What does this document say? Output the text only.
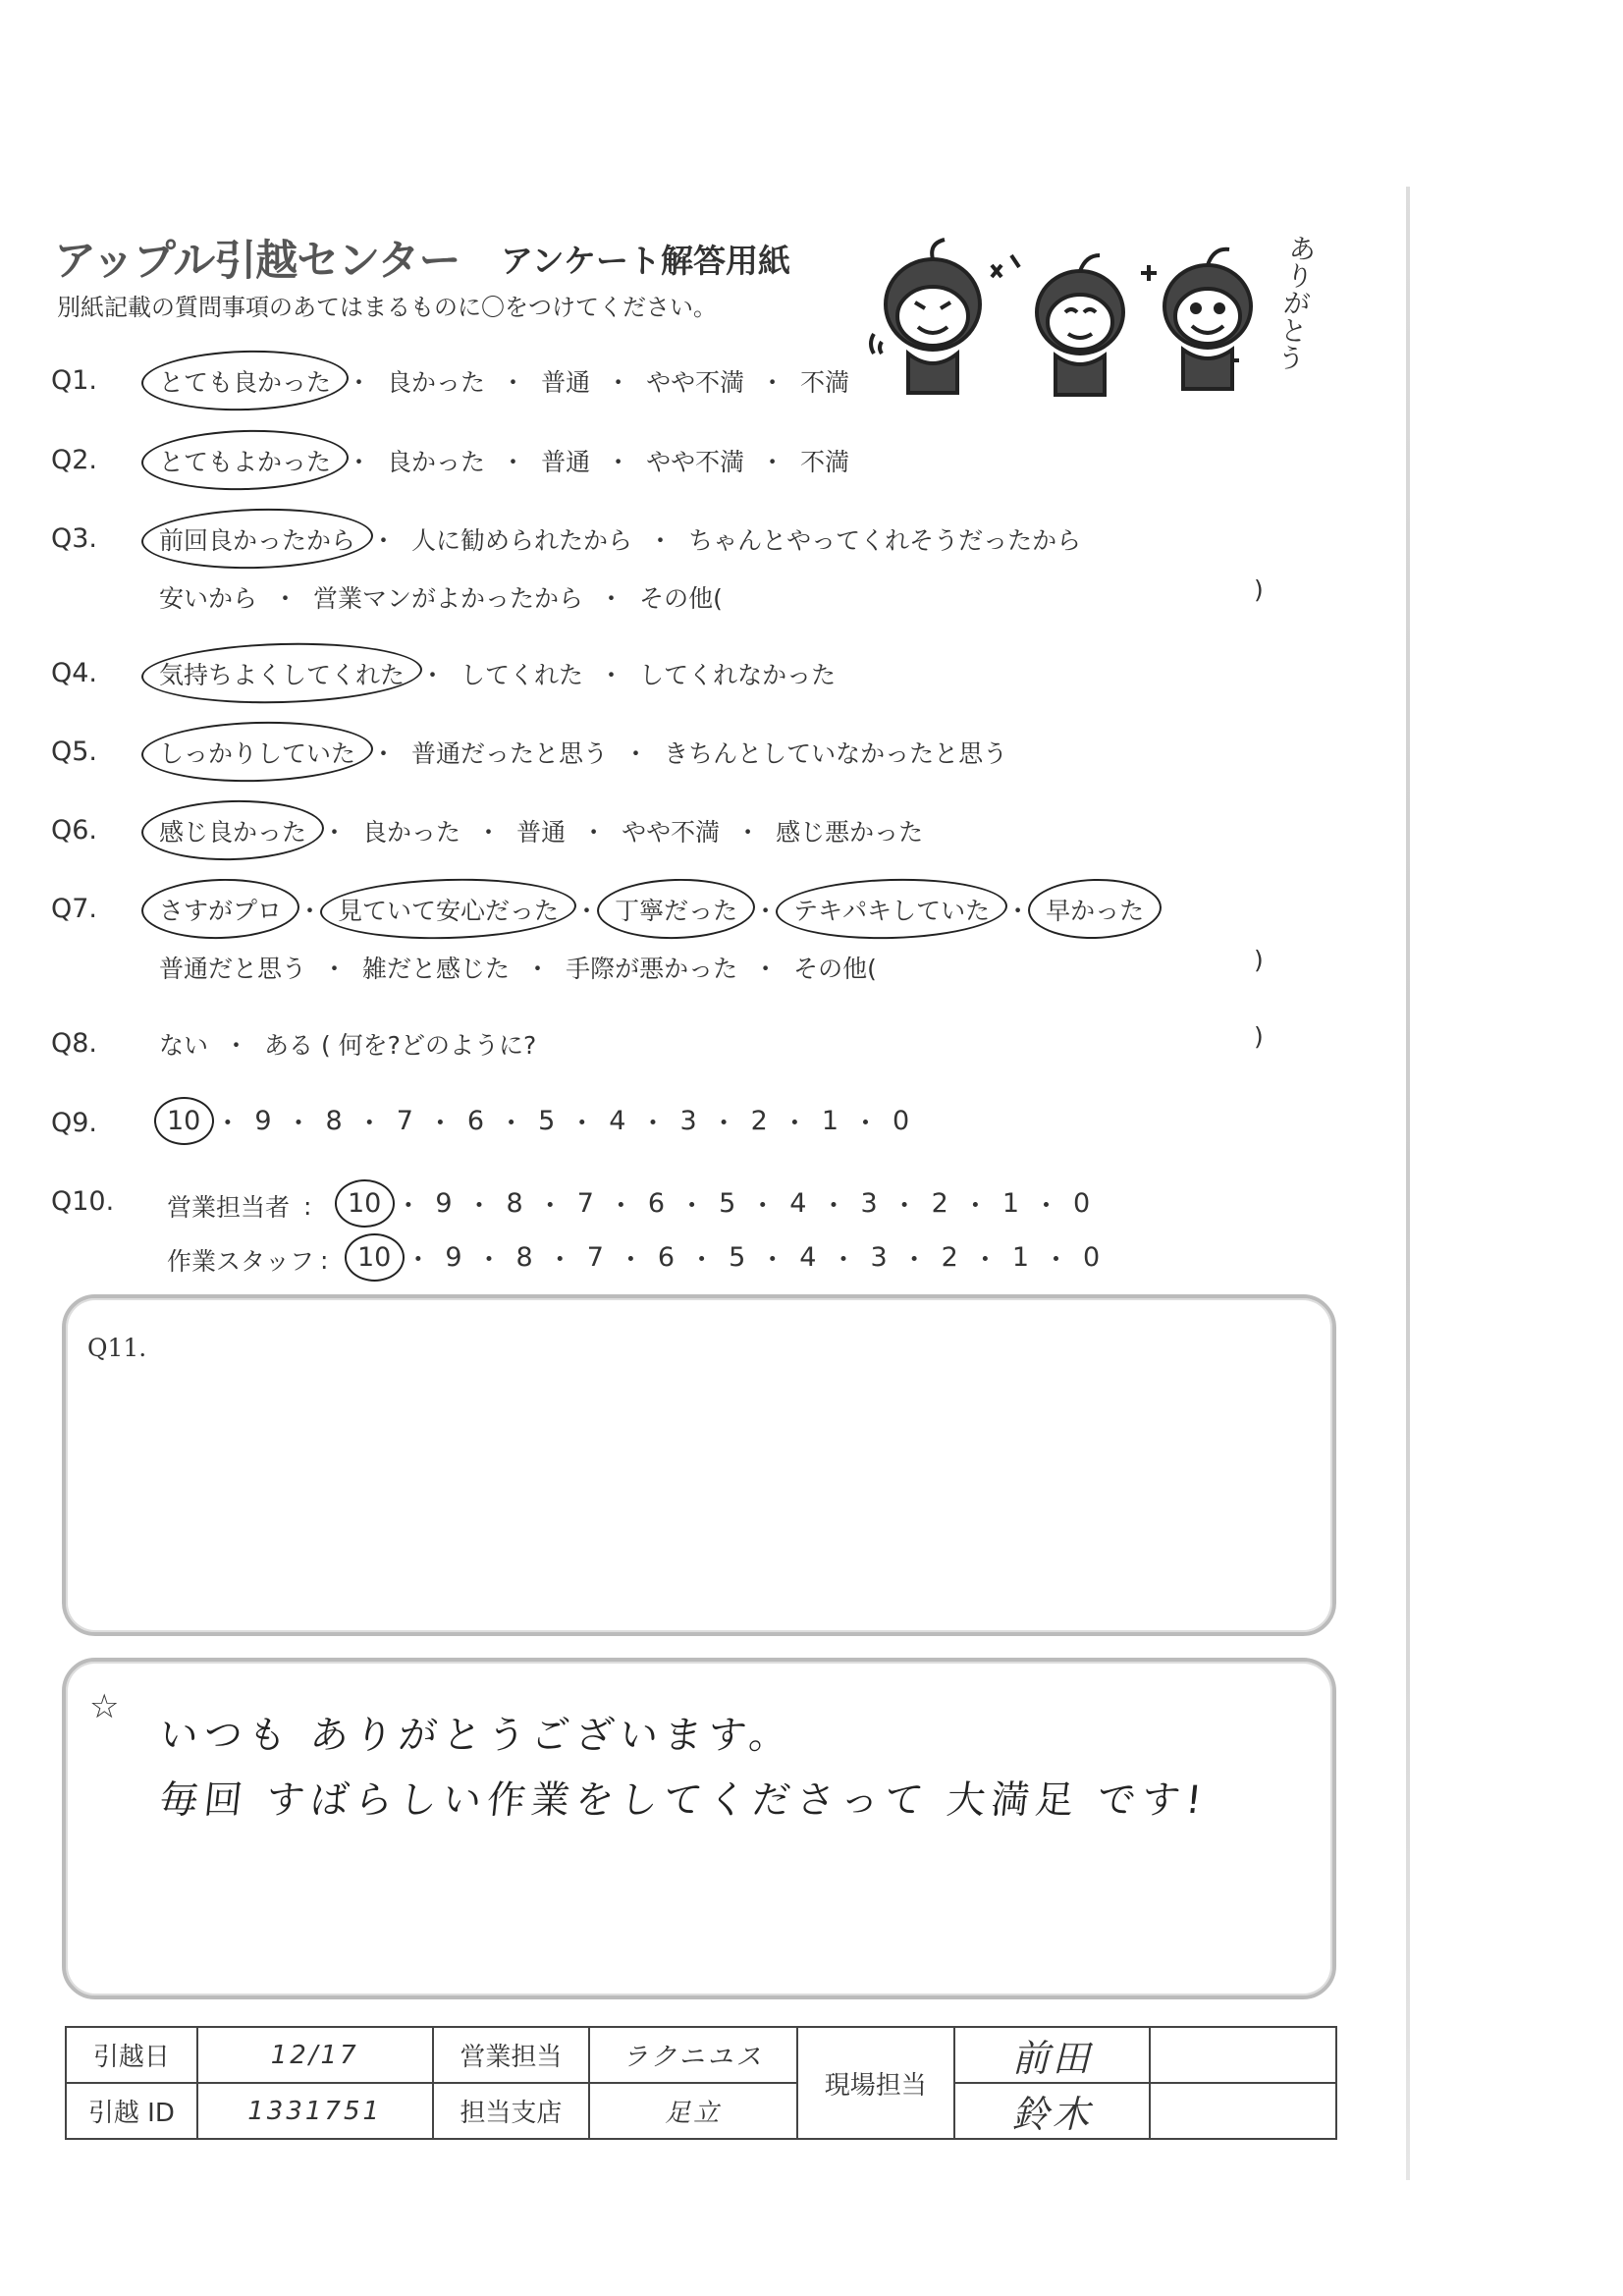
アップル引越センター アンケート解答用紙
別紙記載の質問事項のあてはまるものに〇をつけてください。	ありがとう
Q1.	とても良かった ・ 良かった ・ 普通 ・ やや不満 ・ 不満
Q2.	とてもよかった ・ 良かった ・ 普通 ・ やや不満 ・ 不満
Q3.	前回良かったから ・ 人に勧められたから ・ ちゃんとやってくれそうだったから
安いから ・ 営業マンがよかったから ・ その他(	)
Q4.	気持ちよくしてくれた ・ してくれた ・ してくれなかった
Q5.	しっかりしていた ・ 普通だったと思う ・ きちんとしていなかったと思う
Q6.	感じ良かった ・ 良かった ・ 普通 ・ やや不満 ・ 感じ悪かった
Q7.	さすがプロ ・ 見ていて安心だった ・ 丁寧だった ・ テキパキしていた ・ 早かった
普通だと思う ・ 雑だと感じた ・ 手際が悪かった ・ その他(	)
Q8.	ない ・ ある ( 何を?どのように?	)
Q9.	10 ・ 9 ・ 8 ・ 7 ・ 6 ・ 5 ・ 4 ・ 3 ・ 2 ・ 1 ・ 0
Q10. 営業担当者 :	10 ・ 9 ・ 8 ・ 7 ・ 6 ・ 5 ・ 4 ・ 3 ・ 2 ・ 1 ・ 0
作業スタッフ : 10 ・ 9 ・ 8 ・ 7 ・ 6 ・ 5 ・ 4 ・ 3 ・ 2 ・ 1 ・ 0
Q11.
☆
いつも ありがとうございます。
毎回 すばらしい作業をしてくださって 大満足 です!
引越日	12/17	営業担当	ラクニユス	現場担当	前田	
引越 ID	1331751	担当支店	足立		鈴木	
